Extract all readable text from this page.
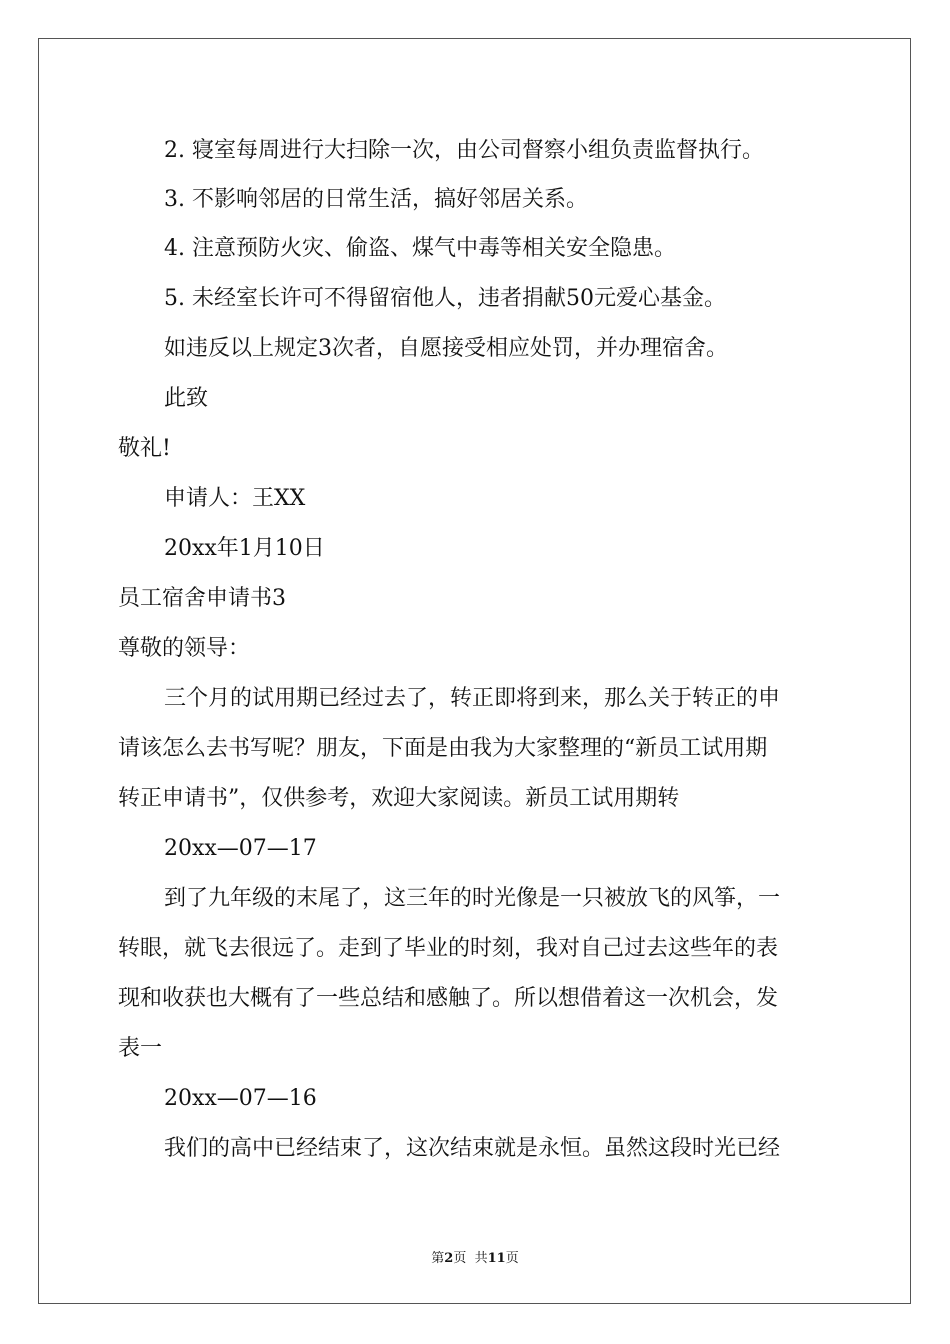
2. 寝室每周进行大扫除一次，由公司督察小组负责监督执行。
3. 不影响邻居的日常生活，搞好邻居关系。
4. 注意预防火灾、偷盗、煤气中毒等相关安全隐患。
5. 未经室长许可不得留宿他人，违者捐献50元爱心基金。
如违反以上规定3次者，自愿接受相应处罚，并办理宿舍。
此致
敬礼!
申请人：王XX
20xx年1月10日
员工宿舍申请书3
尊敬的领导：
三个月的试用期已经过去了，转正即将到来，那么关于转正的申
请该怎么去书写呢？朋友，下面是由我为大家整理的“新员工试用期
转正申请书”，仅供参考，欢迎大家阅读。新员工试用期转
20xx—07—17
到了九年级的末尾了，这三年的时光像是一只被放飞的风筝，一
转眼，就飞去很远了。走到了毕业的时刻，我对自己过去这些年的表
现和收获也大概有了一些总结和感触了。所以想借着这一次机会，发
表一
20xx—07—16
我们的高中已经结束了，这次结束就是永恒。虽然这段时光已经
第2页  共11页
